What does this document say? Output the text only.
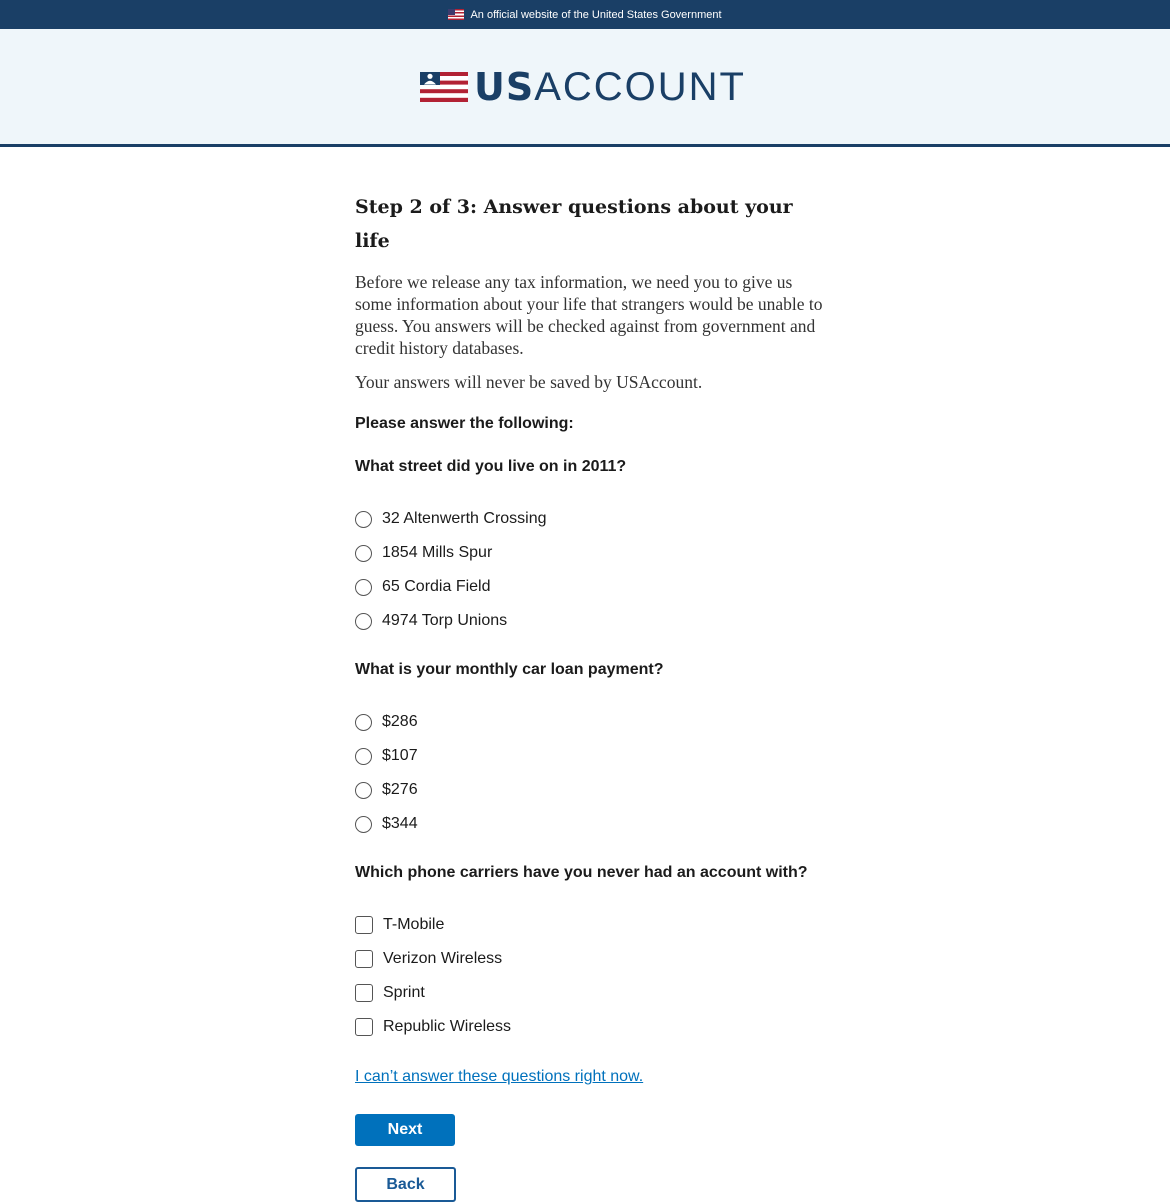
An official website of the United States Government
USACCOUNT
Step 2 of 3: Answer questions about your life

Before we release any tax information, we need you to give us some information about your life that strangers would be unable to guess. You answers will be checked against from government and credit history databases.

Your answers will never be saved by USAccount.

Please answer the following:
What street did you live on in 2011?
32 Altenwerth Crossing
1854 Mills Spur
65 Cordia Field
4974 Torp Unions
What is your monthly car loan payment?
$286
$107
$276
$344
Which phone carriers have you never had an account with?
T-Mobile
Verizon Wireless
Sprint
Republic Wireless
I can’t answer these questions right now.
Next
Back
